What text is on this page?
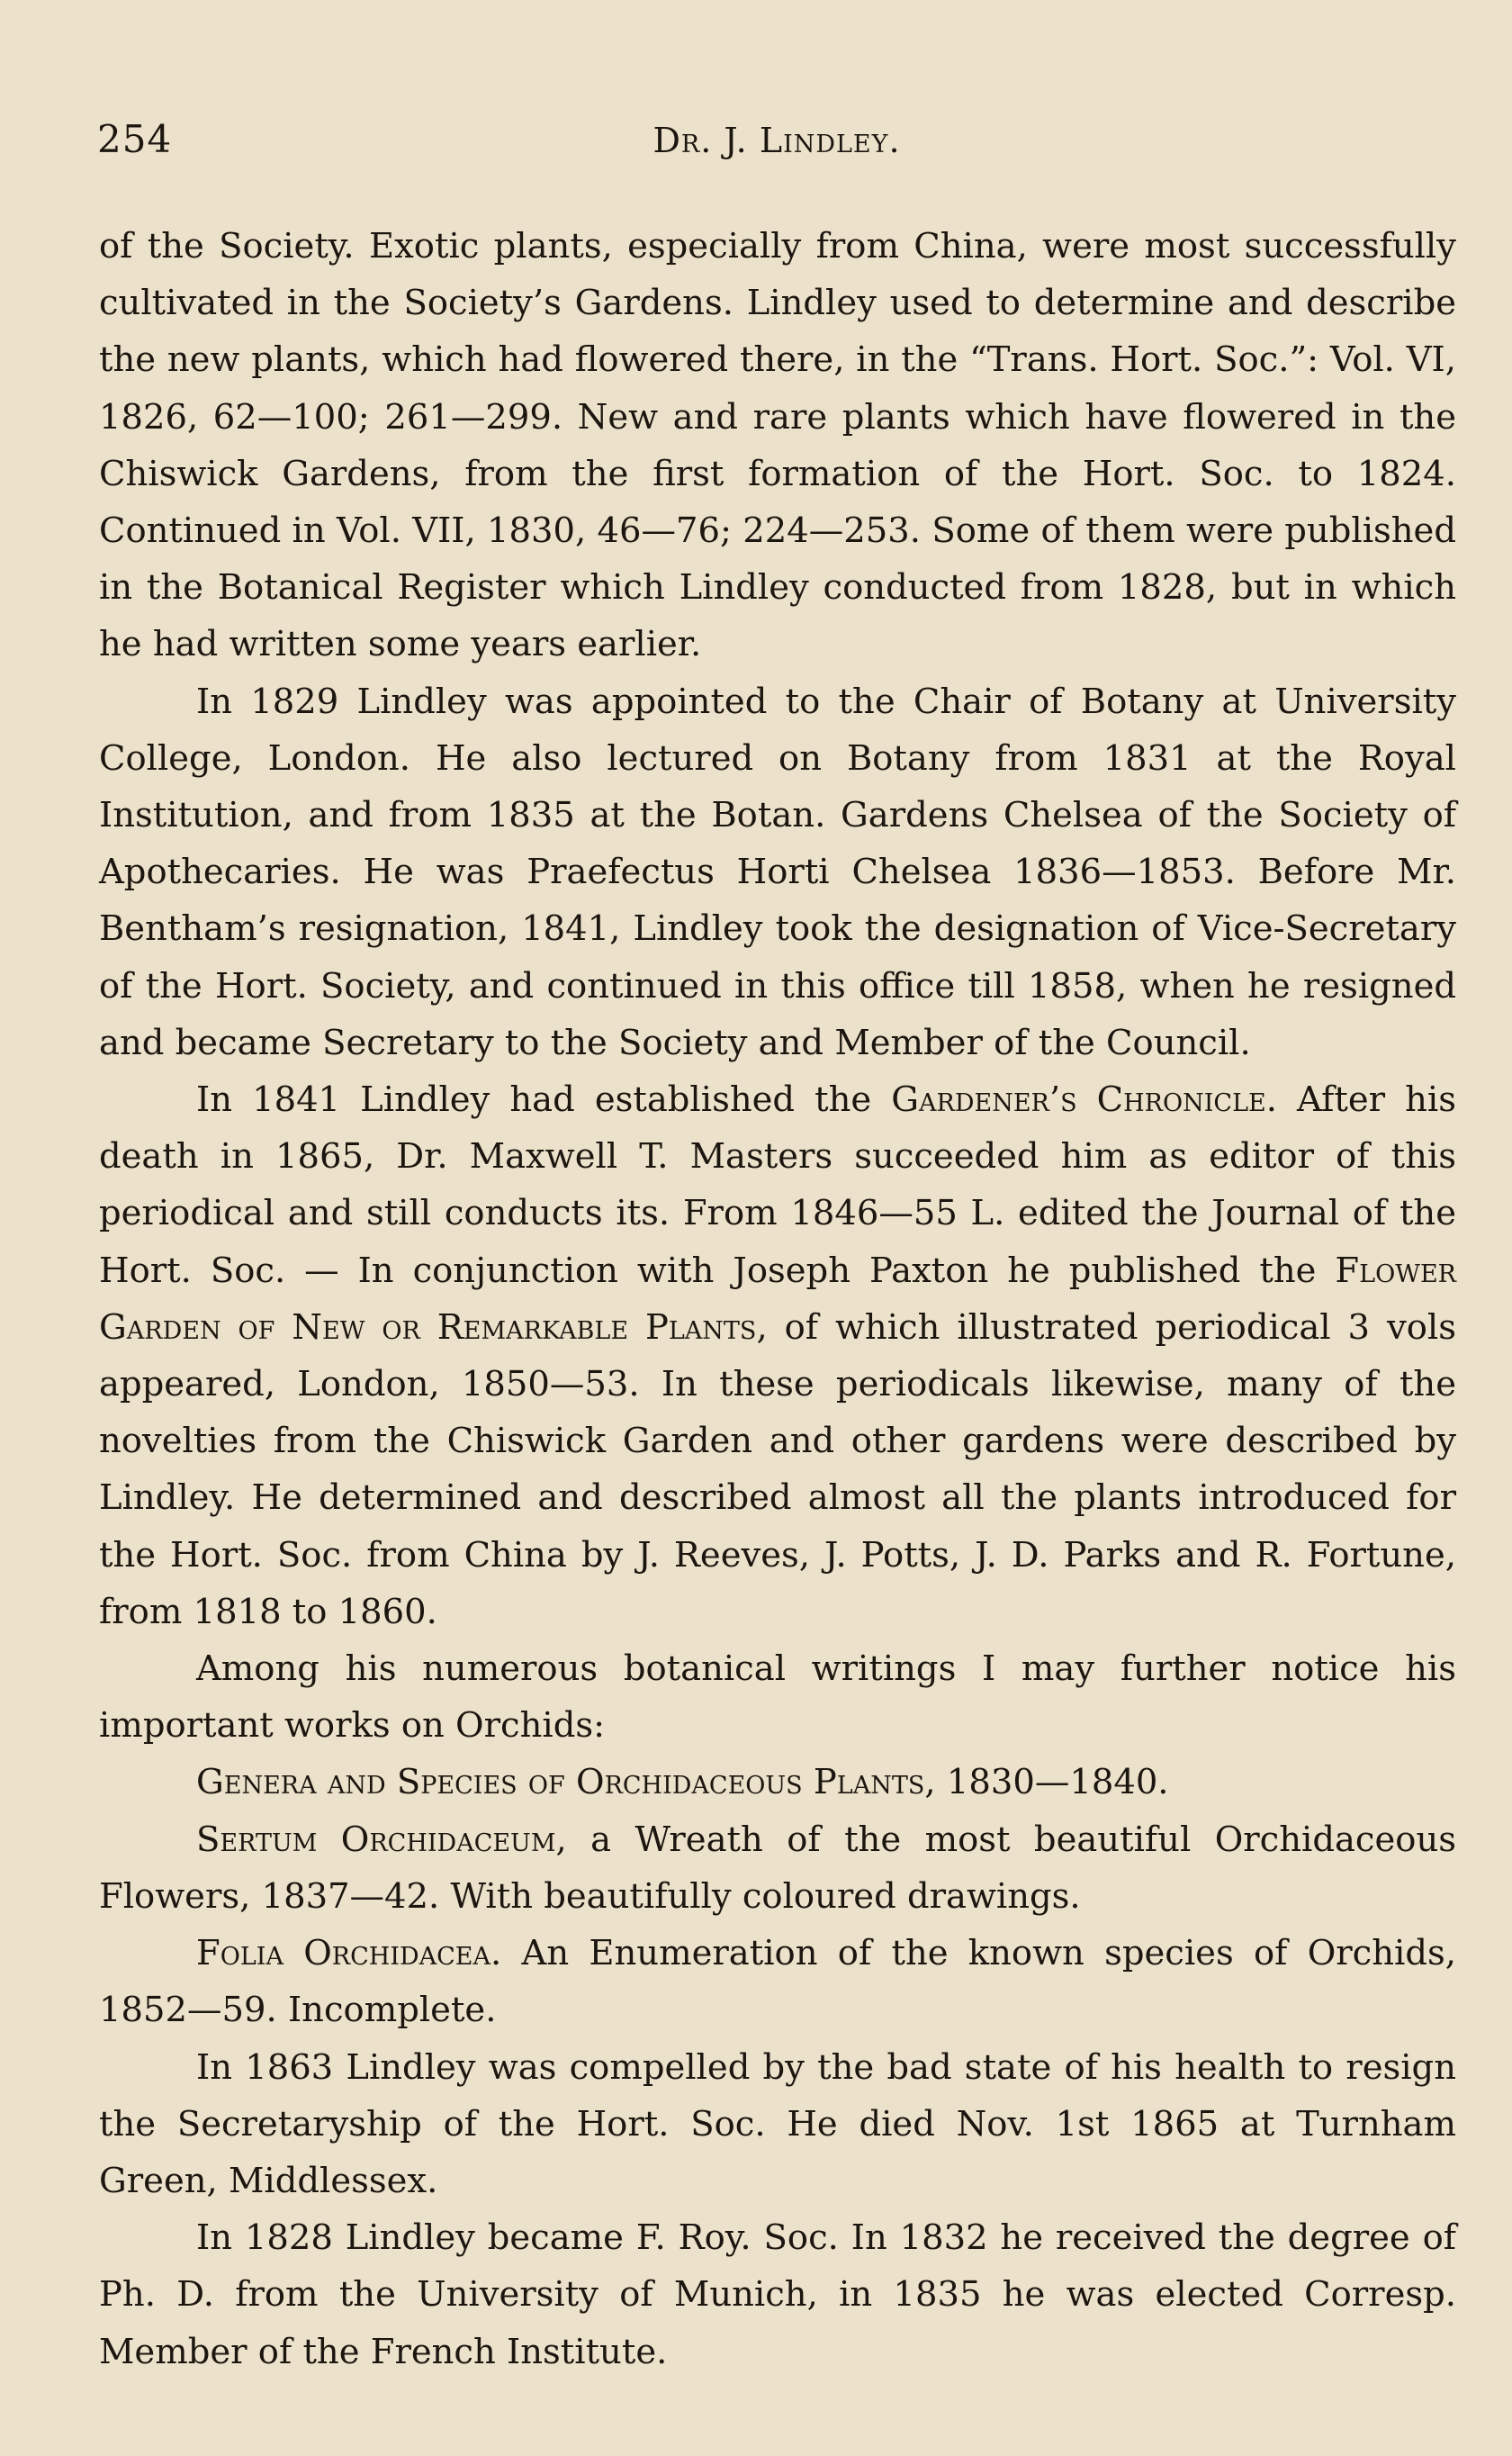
254	Dr. J. Lindley.

of the Society. Exotic plants, especially from China, were most successfully cultivated in the Society’s Gardens. Lindley used to determine and describe the new plants, which had flowered there, in the “Trans. Hort. Soc.”: Vol. VI, 1826, 62—100; 261—299. New and rare plants which have flowered in the Chiswick Gardens, from the first formation of the Hort. Soc. to 1824. Continued in Vol. VII, 1830, 46—76; 224—253. Some of them were published in the Botanical Register which Lindley conducted from 1828, but in which he had written some years earlier.

In 1829 Lindley was appointed to the Chair of Botany at University College, London. He also lectured on Botany from 1831 at the Royal Institution, and from 1835 at the Botan. Gardens Chelsea of the Society of Apothecaries. He was Praefectus Horti Chelsea 1836—1853. Before Mr. Bentham’s resignation, 1841, Lindley took the designation of Vice-Secretary of the Hort. Society, and continued in this office till 1858, when he resigned and became Secretary to the Society and Member of the Council.

In 1841 Lindley had established the Gardener’s Chronicle. After his death in 1865, Dr. Maxwell T. Masters succeeded him as editor of this periodical and still conducts its. From 1846—55 L. edited the Journal of the Hort. Soc. — In conjunction with Joseph Paxton he published the Flower Garden of New or Remarkable Plants, of which illustrated periodical 3 vols appeared, London, 1850—53. In these periodicals likewise, many of the novelties from the Chiswick Garden and other gardens were described by Lindley. He determined and described almost all the plants introduced for the Hort. Soc. from China by J. Reeves, J. Potts, J. D. Parks and R. Fortune, from 1818 to 1860.

Among his numerous botanical writings I may further notice his important works on Orchids:

Genera and Species of Orchidaceous Plants, 1830—1840.

Sertum Orchidaceum, a Wreath of the most beautiful Orchidaceous Flowers, 1837—42. With beautifully coloured drawings.

Folia Orchidacea. An Enumeration of the known species of Orchids, 1852—59. Incomplete.

In 1863 Lindley was compelled by the bad state of his health to resign the Secretaryship of the Hort. Soc. He died Nov. 1st 1865 at Turnham Green, Middlessex.

In 1828 Lindley became F. Roy. Soc. In 1832 he received the degree of Ph. D. from the University of Munich, in 1835 he was elected Corresp. Member of the French Institute.
